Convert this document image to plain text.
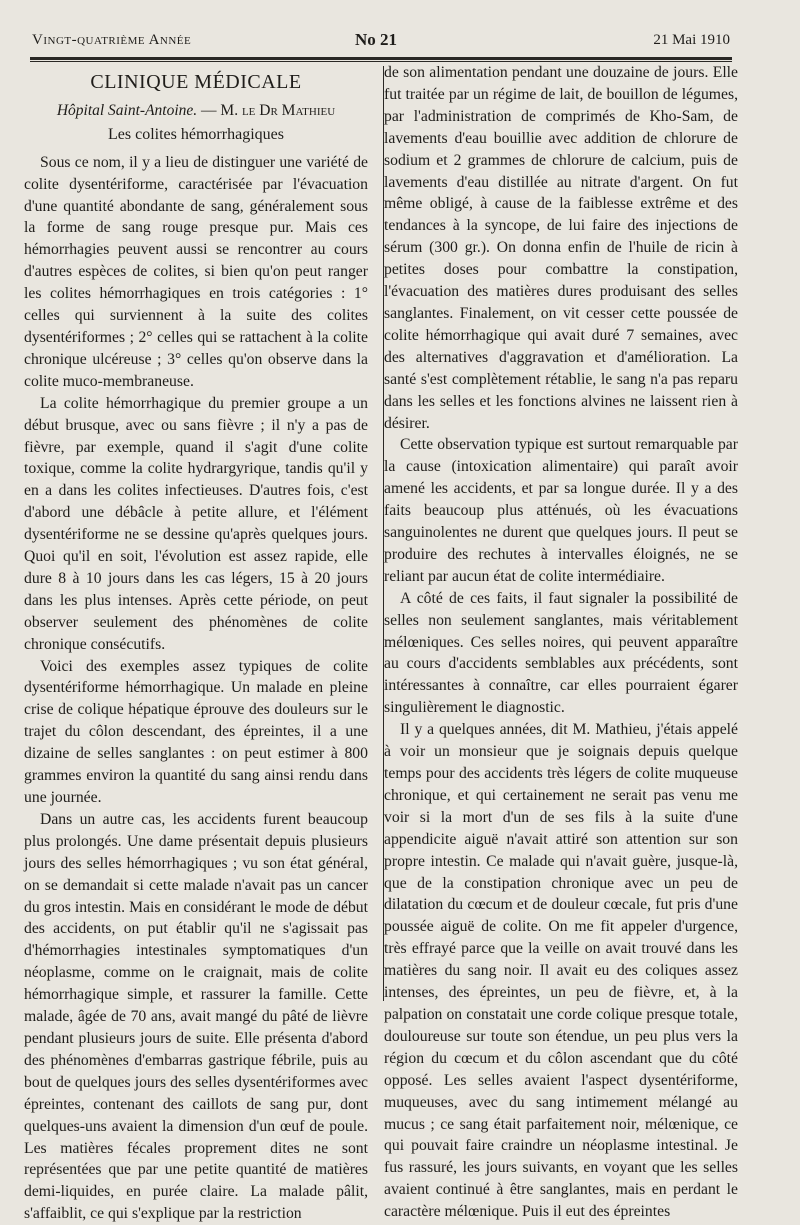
Vingt-quatrième Année	No 21	21 Mai 1910
CLINIQUE MÉDICALE
Hôpital Saint-Antoine. — M. le Dr Mathieu
Les colites hémorrhagiques

Sous ce nom, il y a lieu de distinguer une variété de colite dysentériforme, caractérisée par l'évacuation d'une quantité abondante de sang, généralement sous la forme de sang rouge presque pur. Mais ces hémorrhagies peuvent aussi se rencontrer au cours d'autres espèces de colites, si bien qu'on peut ranger les colites hémorrhagiques en trois catégories : 1° celles qui surviennent à la suite des colites dysentériformes ; 2° celles qui se rattachent à la colite chronique ulcéreuse ; 3° celles qu'on observe dans la colite muco-membraneuse.

La colite hémorrhagique du premier groupe a un début brusque, avec ou sans fièvre ; il n'y a pas de fièvre, par exemple, quand il s'agit d'une colite toxique, comme la colite hydrargyrique, tandis qu'il y en a dans les colites infectieuses. D'autres fois, c'est d'abord une débâcle à petite allure, et l'élément dysentériforme ne se dessine qu'après quelques jours. Quoi qu'il en soit, l'évolution est assez rapide, elle dure 8 à 10 jours dans les cas légers, 15 à 20 jours dans les plus intenses. Après cette période, on peut observer seulement des phénomènes de colite chronique consécutifs.

Voici des exemples assez typiques de colite dysentériforme hémorrhagique. Un malade en pleine crise de colique hépatique éprouve des douleurs sur le trajet du côlon descendant, des épreintes, il a une dizaine de selles sanglantes : on peut estimer à 800 grammes environ la quantité du sang ainsi rendu dans une journée.

Dans un autre cas, les accidents furent beaucoup plus prolongés. Une dame présentait depuis plusieurs jours des selles hémorrhagiques ; vu son état général, on se demandait si cette malade n'avait pas un cancer du gros intestin. Mais en considérant le mode de début des accidents, on put établir qu'il ne s'agissait pas d'hémorrhagies intestinales symptomatiques d'un néoplasme, comme on le craignait, mais de colite hémorrhagique simple, et rassurer la famille. Cette malade, âgée de 70 ans, avait mangé du pâté de lièvre pendant plusieurs jours de suite. Elle présenta d'abord des phénomènes d'embarras gastrique fébrile, puis au bout de quelques jours des selles dysentériformes avec épreintes, contenant des caillots de sang pur, dont quelques-uns avaient la dimension d'un œuf de poule. Les matières fécales proprement dites ne sont représentées que par une petite quantité de matières demi-liquides, en purée claire. La malade pâlit, s'affaiblit, ce qui s'explique par la restriction

de son alimentation pendant une douzaine de jours. Elle fut traitée par un régime de lait, de bouillon de légumes, par l'administration de comprimés de Kho-Sam, de lavements d'eau bouillie avec addition de chlorure de sodium et 2 grammes de chlorure de calcium, puis de lavements d'eau distillée au nitrate d'argent. On fut même obligé, à cause de la faiblesse extrême et des tendances à la syncope, de lui faire des injections de sérum (300 gr.). On donna enfin de l'huile de ricin à petites doses pour combattre la constipation, l'évacuation des matières dures produisant des selles sanglantes. Finalement, on vit cesser cette poussée de colite hémorrhagique qui avait duré 7 semaines, avec des alternatives d'aggravation et d'amélioration. La santé s'est complètement rétablie, le sang n'a pas reparu dans les selles et les fonctions alvines ne laissent rien à désirer.

Cette observation typique est surtout remarquable par la cause (intoxication alimentaire) qui paraît avoir amené les accidents, et par sa longue durée. Il y a des faits beaucoup plus atténués, où les évacuations sanguinolentes ne durent que quelques jours. Il peut se produire des rechutes à intervalles éloignés, ne se reliant par aucun état de colite intermédiaire.

A côté de ces faits, il faut signaler la possibilité de selles non seulement sanglantes, mais véritablement mélœniques. Ces selles noires, qui peuvent apparaître au cours d'accidents semblables aux précédents, sont intéressantes à connaître, car elles pourraient égarer singulièrement le diagnostic.

Il y a quelques années, dit M. Mathieu, j'étais appelé à voir un monsieur que je soignais depuis quelque temps pour des accidents très légers de colite muqueuse chronique, et qui certainement ne serait pas venu me voir si la mort d'un de ses fils à la suite d'une appendicite aiguë n'avait attiré son attention sur son propre intestin. Ce malade qui n'avait guère, jusque-là, que de la constipation chronique avec un peu de dilatation du cœcum et de douleur cœcale, fut pris d'une poussée aiguë de colite. On me fit appeler d'urgence, très effrayé parce que la veille on avait trouvé dans les matières du sang noir. Il avait eu des coliques assez intenses, des épreintes, un peu de fièvre, et, à la palpation on constatait une corde colique presque totale, douloureuse sur toute son étendue, un peu plus vers la région du cœcum et du côlon ascendant que du côté opposé. Les selles avaient l'aspect dysentériforme, muqueuses, avec du sang intimement mélangé au mucus ; ce sang était parfaitement noir, mélœnique, ce qui pouvait faire craindre un néoplasme intestinal. Je fus rassuré, les jours suivants, en voyant que les selles avaient continué à être sanglantes, mais en perdant le caractère mélœnique. Puis il eut des épreintes
